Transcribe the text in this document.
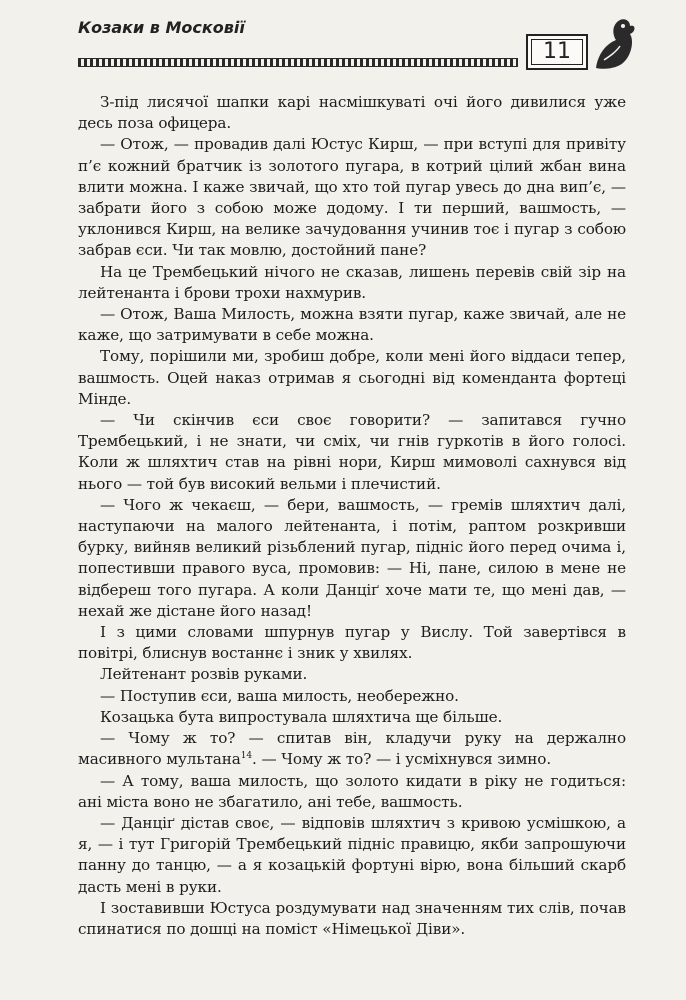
Козаки в Московії
11

З-під лисячої шапки карі насмішкуваті очі його дивилися уже десь поза офицера.

— Отож, — провадив далі Юстус Кирш, — при вступі для привіту п’є кожний братчик із золотого пугара, в котрий цілий жбан вина влити можна. І каже звичай, що хто той пугар увесь до дна вип’є, — забрати його з собою може додому. І ти перший, вашмость, — уклонився Кирш, на велике зачудовання учинив тоє і пугар з собою забрав єси. Чи так мовлю, достойний пане?

На це Трембецький нічого не сказав, лишень перевів свій зір на лейтенанта і брови трохи нахмурив.

— Отож, Ваша Милость, можна взяти пугар, каже звичай, але не каже, що затримувати в себе можна.

Тому, порішили ми, зробиш добре, коли мені його віддаси тепер, вашмость. Оцей наказ отримав я сьогодні від коменданта фортеці Мінде.

— Чи скінчив єси своє говорити? — запитався гучно Трембецький, і не знати, чи сміх, чи гнів гуркотів в його голосі. Коли ж шляхтич став на рівні нори, Кирш мимоволі сахнувся від нього — той був високий вельми і плечистий.

— Чого ж чекаєш, — бери, вашмость, — гремів шляхтич далі, наступаючи на малого лейтенанта, і потім, раптом розкривши бурку, вийняв великий різьблений пугар, підніс його перед очима і, попестивши правого вуса, промовив: — Ні, пане, силою в мене не відбереш того пугара. А коли Данціґ хоче мати те, що мені дав, — нехай же дістане його назад!

І з цими словами шпурнув пугар у Вислу. Той завертівся в повітрі, блиснув востаннє і зник у хвилях.

Лейтенант розвів руками.

— Поступив єси, ваша милость, необережно.

Козацька бута випростувала шляхтича ще більше.

— Чому ж то? — спитав він, кладучи руку на держално масивного мультана$^{14}$. — Чому ж то? — і усміхнувся зимно.

— А тому, ваша милость, що золото кидати в ріку не годиться: ані міста воно не збагатило, ані тебе, вашмость.

— Данціґ дістав своє, — відповів шляхтич з кривою усмішкою, а я, — і тут Григорій Трембецький підніс правицю, якби запрошуючи панну до танцю, — а я козацькій фортуні вірю, вона більший скарб дасть мені в руки.

І зоставивши Юстуса роздумувати над значенням тих слів, почав спинатися по дошці на поміст «Німецької Діви».
